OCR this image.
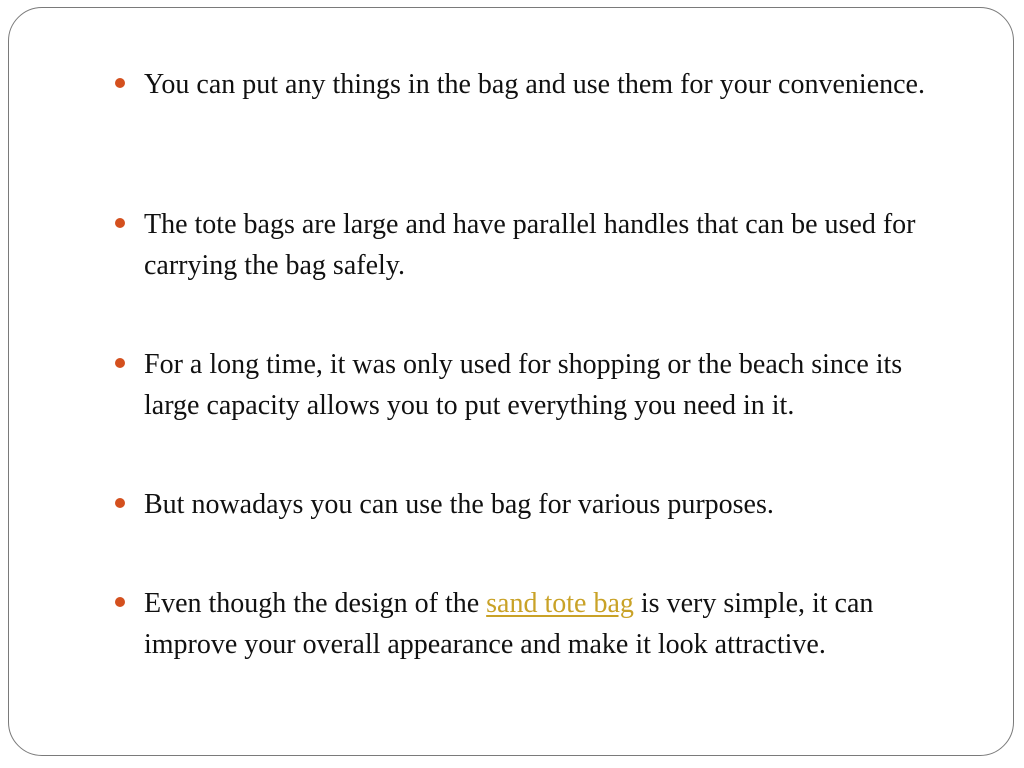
You can put any things in the bag and use them for your convenience.
The tote bags are large and have parallel handles that can be used for carrying the bag safely.
For a long time, it was only used for shopping or the beach since its large capacity allows you to put everything you need in it.
But nowadays you can use the bag for various purposes.
Even though the design of the sand tote bag is very simple, it can improve your overall appearance and make it look attractive.
